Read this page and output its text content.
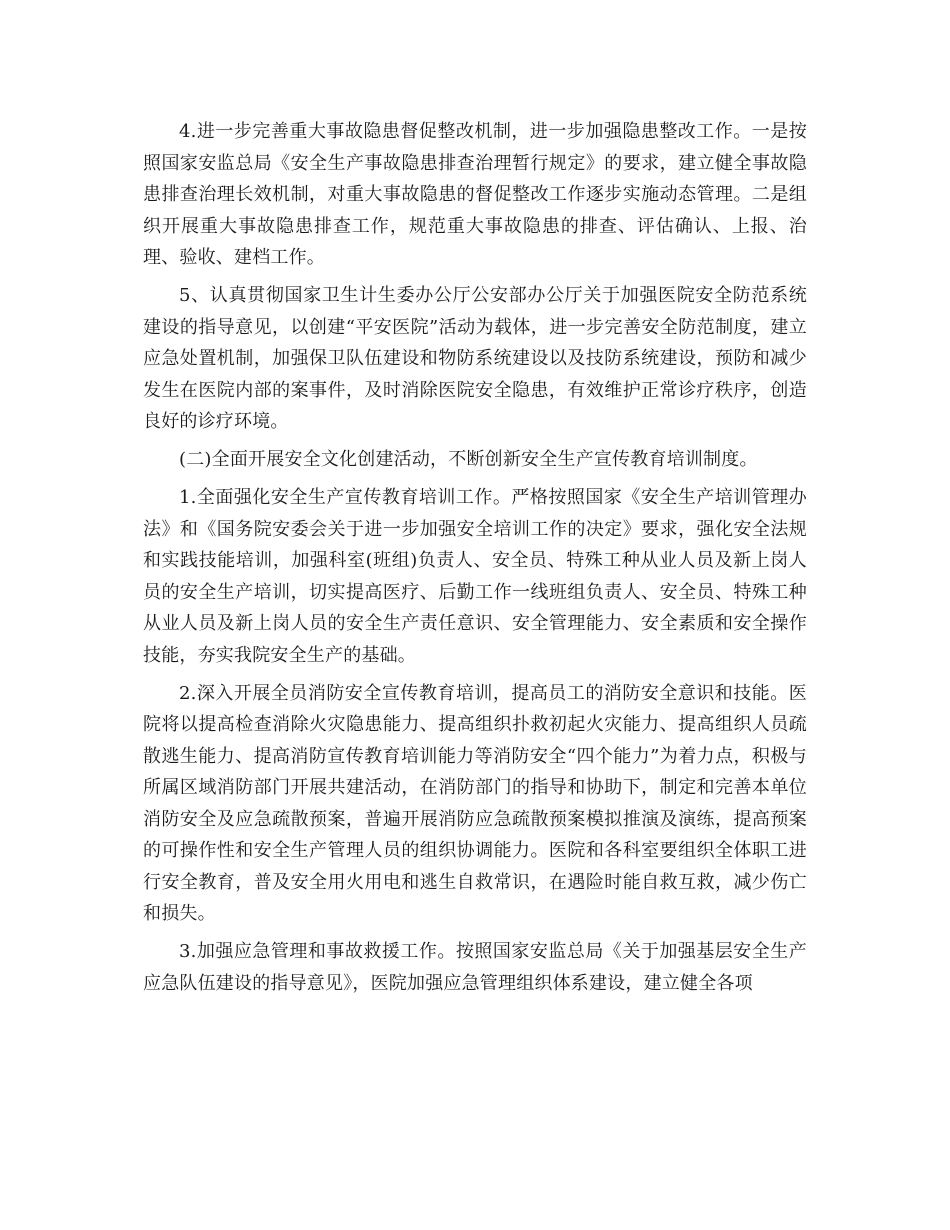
4.进一步完善重大事故隐患督促整改机制，进一步加强隐患整改工作。一是按照国家安监总局《安全生产事故隐患排查治理暂行规定》的要求，建立健全事故隐患排查治理长效机制，对重大事故隐患的督促整改工作逐步实施动态管理。二是组织开展重大事故隐患排查工作，规范重大事故隐患的排查、评估确认、上报、治理、验收、建档工作。

5、认真贯彻国家卫生计生委办公厅公安部办公厅关于加强医院安全防范系统建设的指导意见，以创建“平安医院”活动为载体，进一步完善安全防范制度，建立应急处置机制，加强保卫队伍建设和物防系统建设以及技防系统建设，预防和减少发生在医院内部的案事件，及时消除医院安全隐患，有效维护正常诊疗秩序，创造良好的诊疗环境。

(二)全面开展安全文化创建活动，不断创新安全生产宣传教育培训制度。

1.全面强化安全生产宣传教育培训工作。严格按照国家《安全生产培训管理办法》和《国务院安委会关于进一步加强安全培训工作的决定》要求，强化安全法规和实践技能培训，加强科室(班组)负责人、安全员、特殊工种从业人员及新上岗人员的安全生产培训，切实提高医疗、后勤工作一线班组负责人、安全员、特殊工种从业人员及新上岗人员的安全生产责任意识、安全管理能力、安全素质和安全操作技能，夯实我院安全生产的基础。

2.深入开展全员消防安全宣传教育培训，提高员工的消防安全意识和技能。医院将以提高检查消除火灾隐患能力、提高组织扑救初起火灾能力、提高组织人员疏散逃生能力、提高消防宣传教育培训能力等消防安全“四个能力”为着力点，积极与所属区域消防部门开展共建活动，在消防部门的指导和协助下，制定和完善本单位消防安全及应急疏散预案，普遍开展消防应急疏散预案模拟推演及演练，提高预案的可操作性和安全生产管理人员的组织协调能力。医院和各科室要组织全体职工进行安全教育，普及安全用火用电和逃生自救常识，在遇险时能自救互救，减少伤亡和损失。

3.加强应急管理和事故救援工作。按照国家安监总局《关于加强基层安全生产应急队伍建设的指导意见》，医院加强应急管理组织体系建设，建立健全各项
